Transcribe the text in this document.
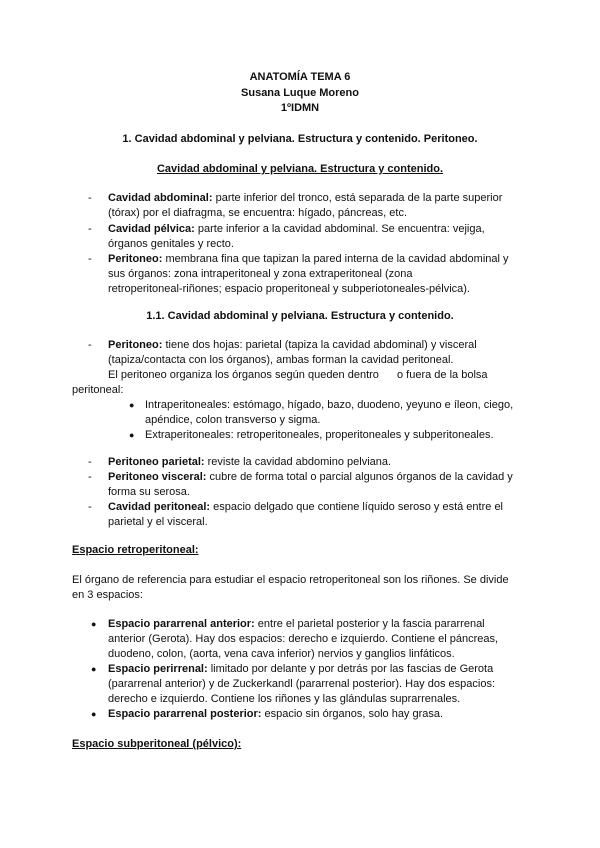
ANATOMÍA TEMA 6
Susana Luque Moreno
1ºIDMN
1. Cavidad abdominal y pelviana. Estructura y contenido. Peritoneo.
Cavidad abdominal y pelviana. Estructura y contenido.
- Cavidad abdominal: parte inferior del tronco, está separada de la parte superior
(tórax) por el diafragma, se encuentra: hígado, páncreas, etc.
- Cavidad pélvica: parte inferior a la cavidad abdominal. Se encuentra: vejiga,
órganos genitales y recto.
- Peritoneo: membrana fina que tapizan la pared interna de la cavidad abdominal y
sus órganos: zona intraperitoneal y zona extraperitoneal (zona
retroperitoneal-riñones; espacio properitoneal y subperiotoneales-pélvica).
1.1. Cavidad abdominal y pelviana. Estructura y contenido.
- Peritoneo: tiene dos hojas: parietal (tapiza la cavidad abdominal) y visceral
(tapiza/contacta con los órganos), ambas forman la cavidad peritoneal.
El peritoneo organiza los órganos según queden dentro o fuera de la bolsa
peritoneal:
● Intraperitoneales: estómago, hígado, bazo, duodeno, yeyuno e íleon, ciego,
apéndice, colon transverso y sigma.
● Extraperitoneales: retroperitoneales, properitoneales y subperitoneales.
- Peritoneo parietal: reviste la cavidad abdomino pelviana.
- Peritoneo visceral: cubre de forma total o parcial algunos órganos de la cavidad y
forma su serosa.
- Cavidad peritoneal: espacio delgado que contiene líquido seroso y está entre el
parietal y el visceral.
Espacio retroperitoneal:
El órgano de referencia para estudiar el espacio retroperitoneal son los riñones. Se divide
en 3 espacios:
● Espacio pararrenal anterior: entre el parietal posterior y la fascia pararrenal
anterior (Gerota). Hay dos espacios: derecho e izquierdo. Contiene el páncreas,
duodeno, colon, (aorta, vena cava inferior) nervios y ganglios linfáticos.
● Espacio perirrenal: limitado por delante y por detrás por las fascias de Gerota
(pararrenal anterior) y de Zuckerkandl (pararrenal posterior). Hay dos espacios:
derecho e izquierdo. Contiene los riñones y las glándulas suprarrenales.
● Espacio pararrenal posterior: espacio sin órganos, solo hay grasa.
Espacio subperitoneal (pélvico):
